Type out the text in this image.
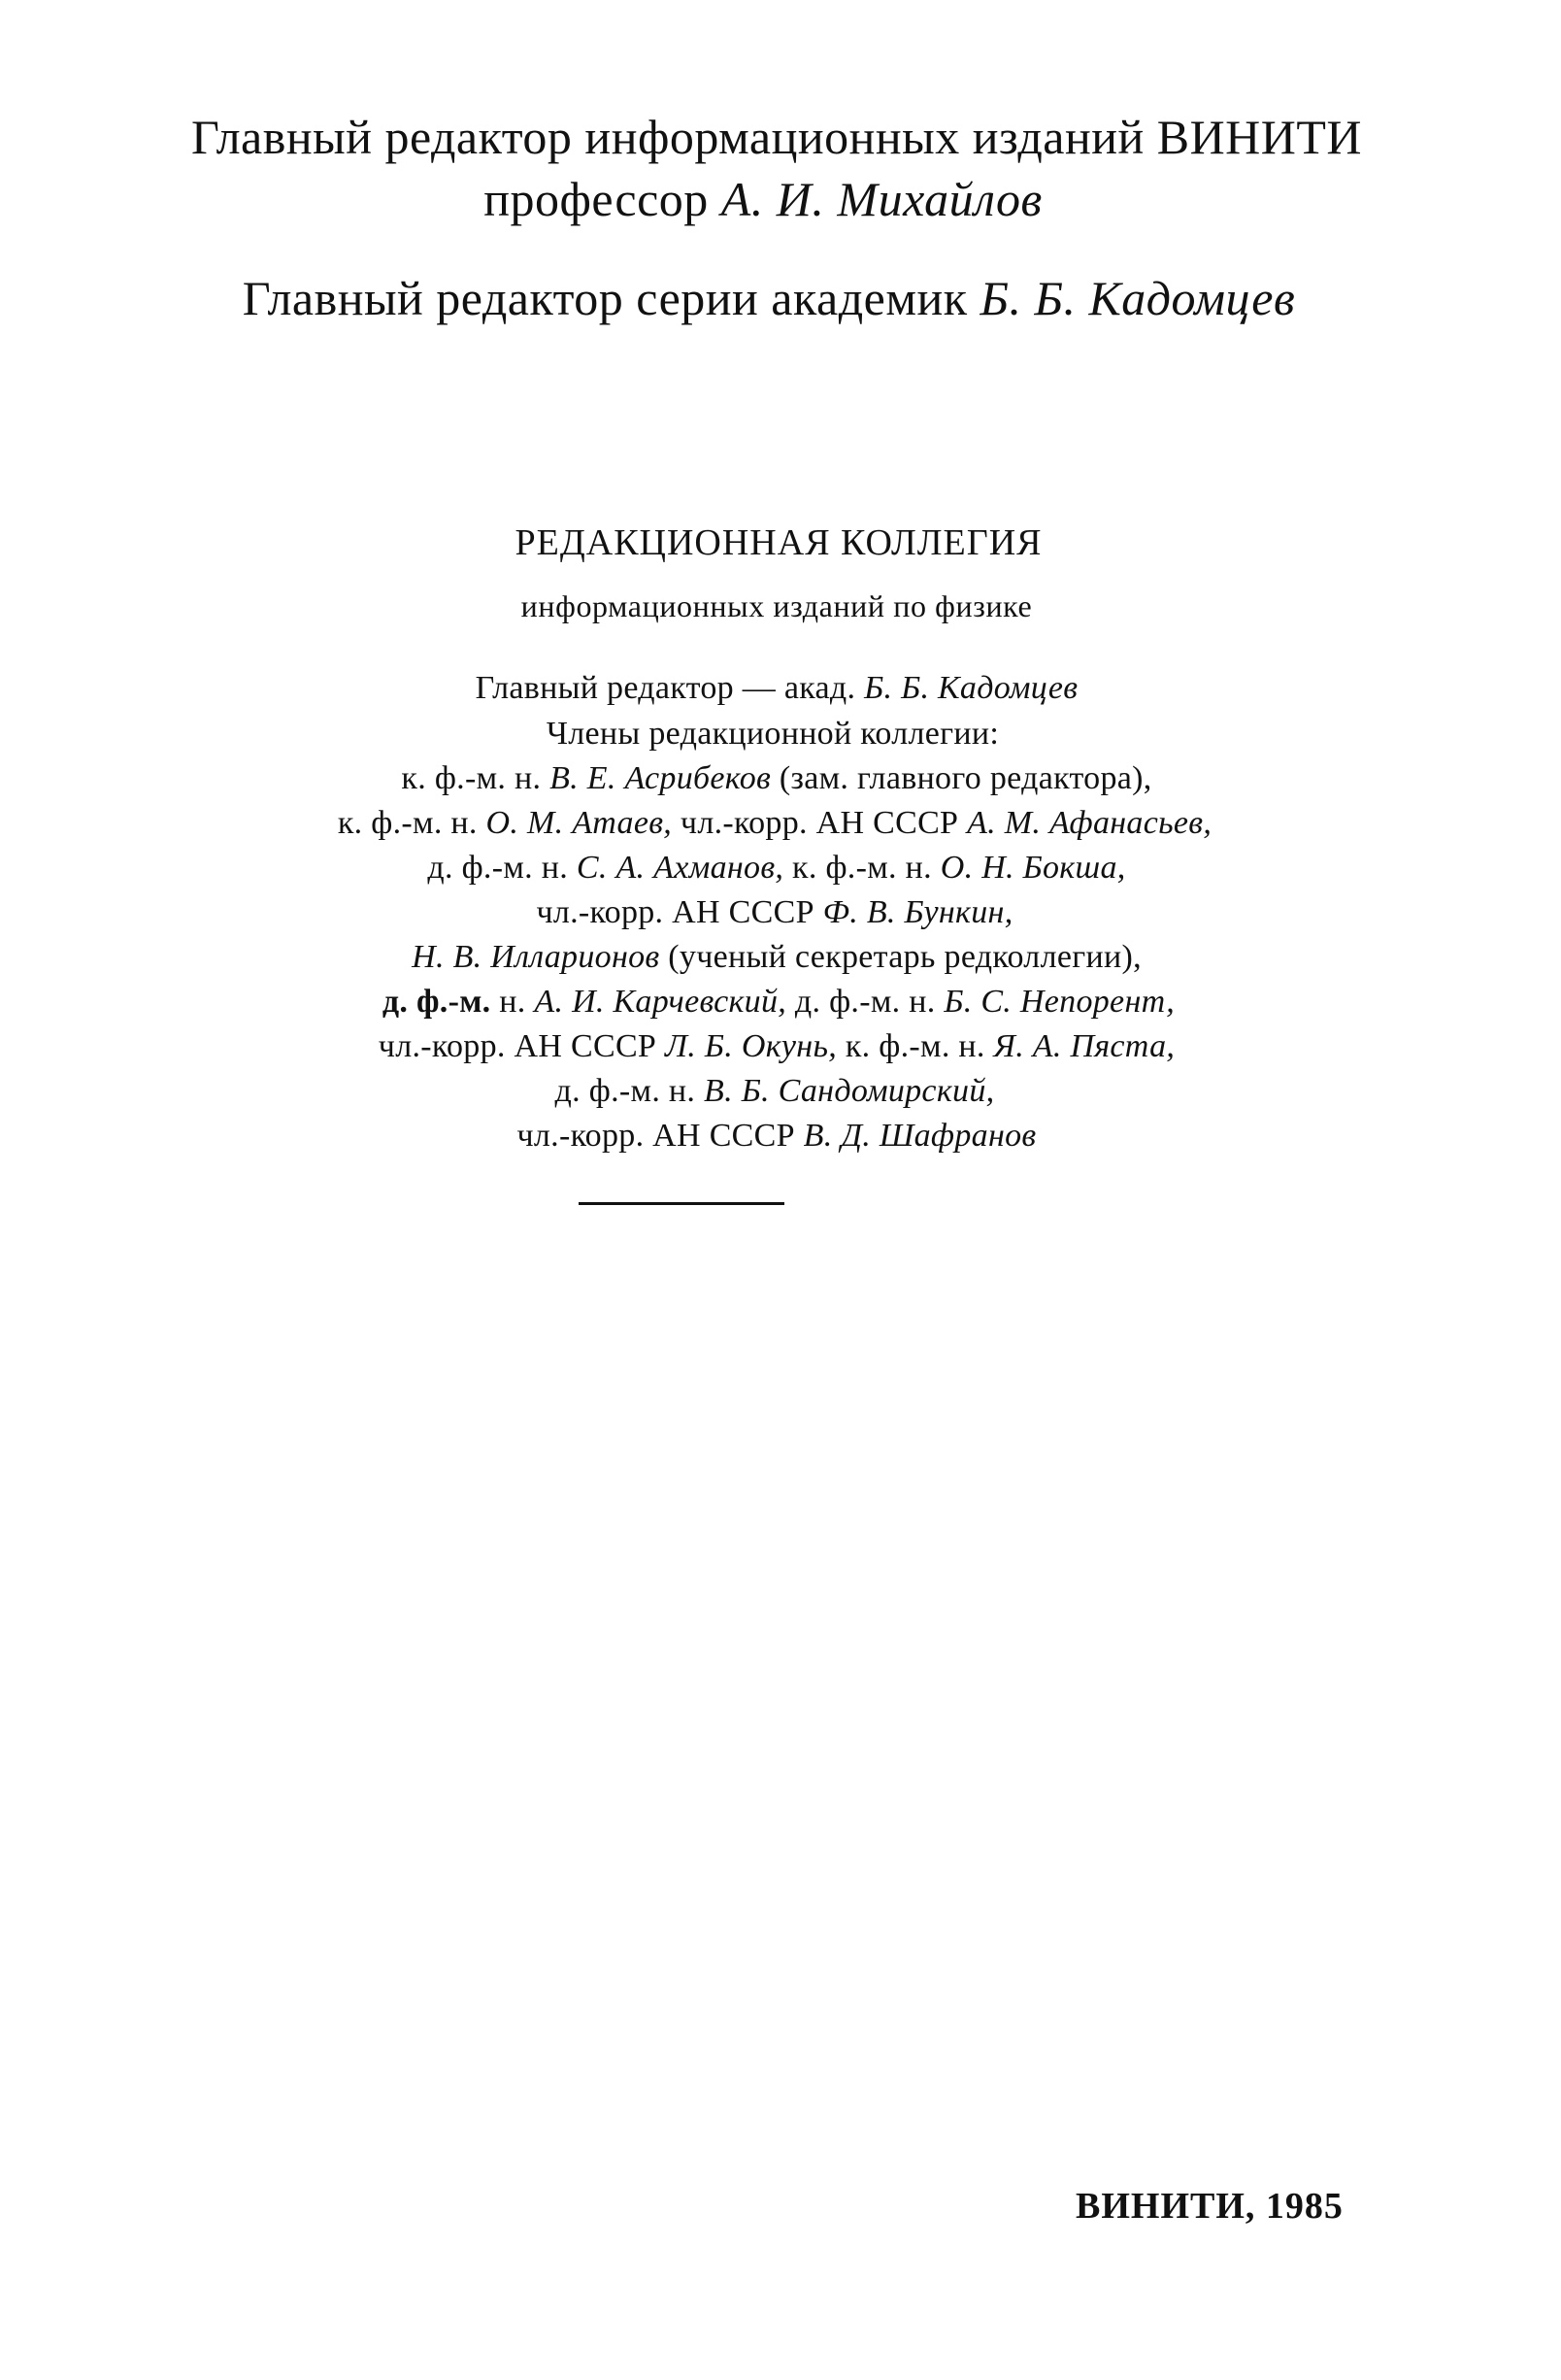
Главный редактор информационных изданий ВИНИТИ
профессор А. И. Михайлов
Главный редактор серии академик Б. Б. Кадомцев
РЕДАКЦИОННАЯ КОЛЛЕГИЯ
информационных изданий по физике
Главный редактор — акад. Б. Б. Кадомцев
Члены редакционной коллегии:
к. ф.-м. н. В. Е. Асрибеков (зам. главного редактора),
к. ф.-м. н. О. М. Атаев, чл.-корр. АН СССР А. М. Афанасьев,
д. ф.-м. н. С. А. Ахманов, к. ф.-м. н. О. Н. Бокша,
чл.-корр. АН СССР Ф. В. Бункин,
Н. В. Илларионов (ученый секретарь редколлегии),
д. ф.-м. н. А. И. Карчевский, д. ф.-м. н. Б. С. Непорент,
чл.-корр. АН СССР Л. Б. Окунь, к. ф.-м. н. Я. А. Пяста,
д. ф.-м. н. В. Б. Сандомирский,
чл.-корр. АН СССР В. Д. Шафранов
ВИНИТИ, 1985
